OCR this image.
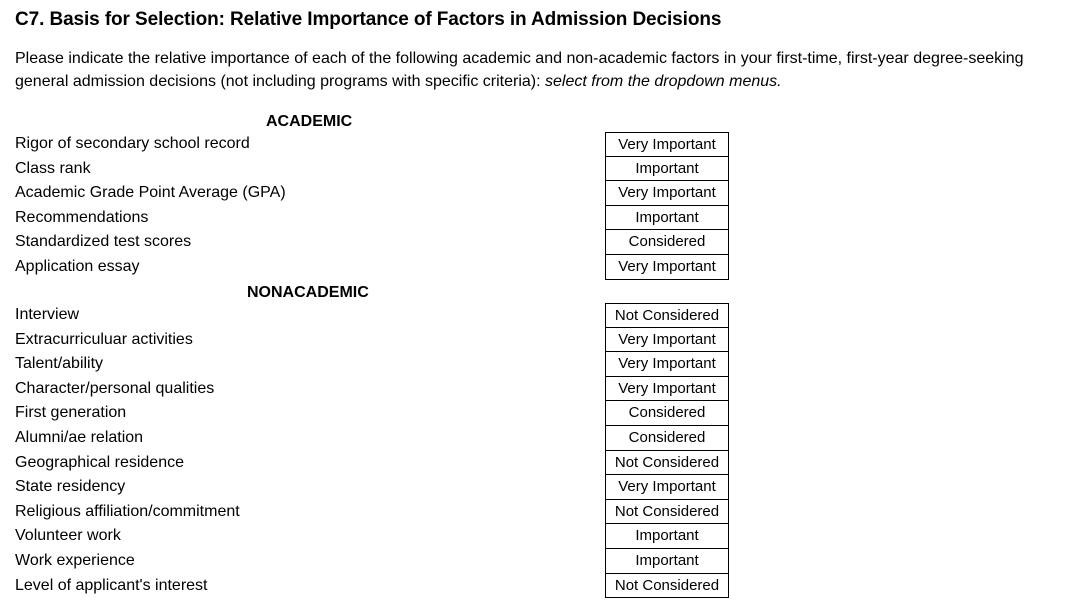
C7. Basis for Selection: Relative Importance of Factors in Admission Decisions
Please indicate the relative importance of each of the following academic and non-academic factors in your first-time, first-year degree-seeking general admission decisions (not including programs with specific criteria): select from the dropdown menus.
ACADEMIC
Rigor of secondary school record	Very Important
Class rank	Important
Academic Grade Point Average (GPA)	Very Important
Recommendations	Important
Standardized test scores	Considered
Application essay	Very Important
NONACADEMIC
Interview	Not Considered
Extracurriculuar activities	Very Important
Talent/ability	Very Important
Character/personal qualities	Very Important
First generation	Considered
Alumni/ae relation	Considered
Geographical residence	Not Considered
State residency	Very Important
Religious affiliation/commitment	Not Considered
Volunteer work	Important
Work experience	Important
Level of applicant's interest	Not Considered
